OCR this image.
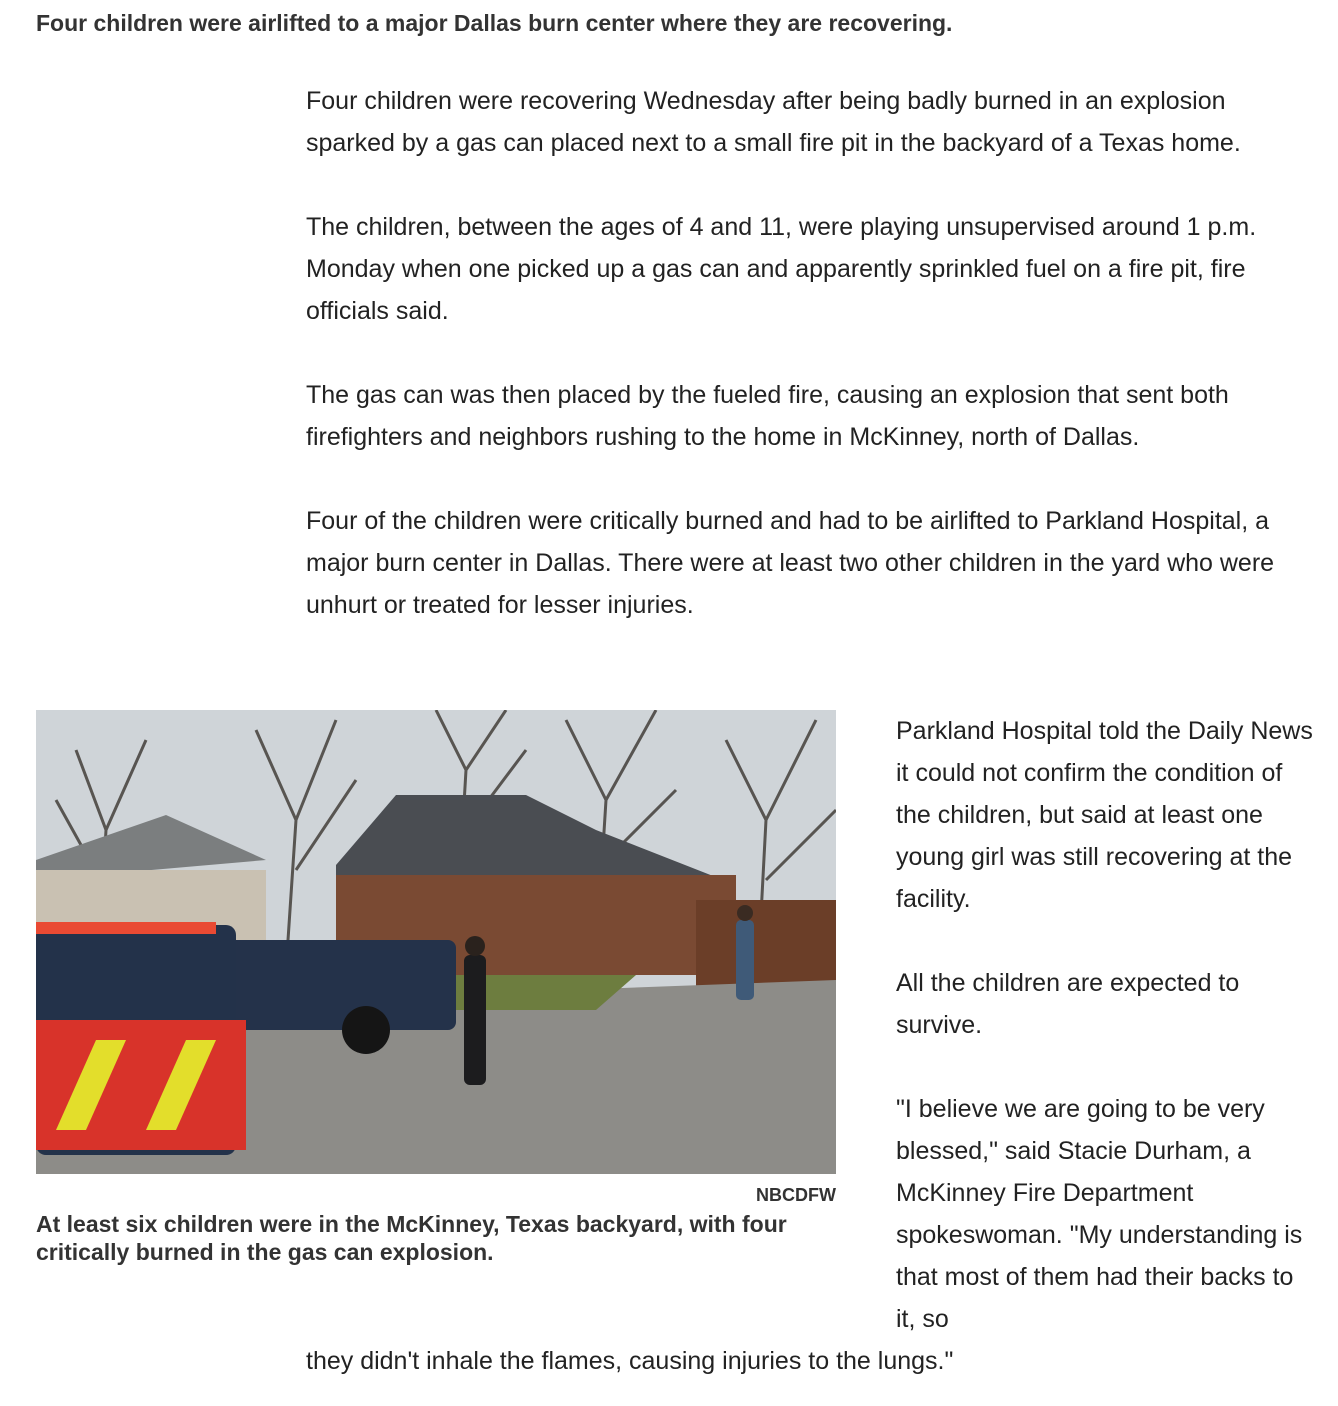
Four children were airlifted to a major Dallas burn center where they are recovering.

Four children were recovering Wednesday after being badly burned in an explosion sparked by a gas can placed next to a small fire pit in the backyard of a Texas home.

The children, between the ages of 4 and 11, were playing unsupervised around 1 p.m. Monday when one picked up a gas can and apparently sprinkled fuel on a fire pit, fire officials said.

The gas can was then placed by the fueled fire, causing an explosion that sent both firefighters and neighbors rushing to the home in McKinney, north of Dallas.

Four of the children were critically burned and had to be airlifted to Parkland Hospital, a major burn center in Dallas. There were at least two other children in the yard who were unhurt or treated for lesser injuries.

NBCDFW
At least six children were in the McKinney, Texas backyard, with four critically burned in the gas can explosion.

Parkland Hospital told the Daily News it could not confirm the condition of the children, but said at least one young girl was still recovering at the facility.

All the children are expected to survive.

"I believe we are going to be very blessed," said Stacie Durham, a McKinney Fire Department spokeswoman. "My understanding is that most of them had their backs to it, so

they didn't inhale the flames, causing injuries to the lungs."
